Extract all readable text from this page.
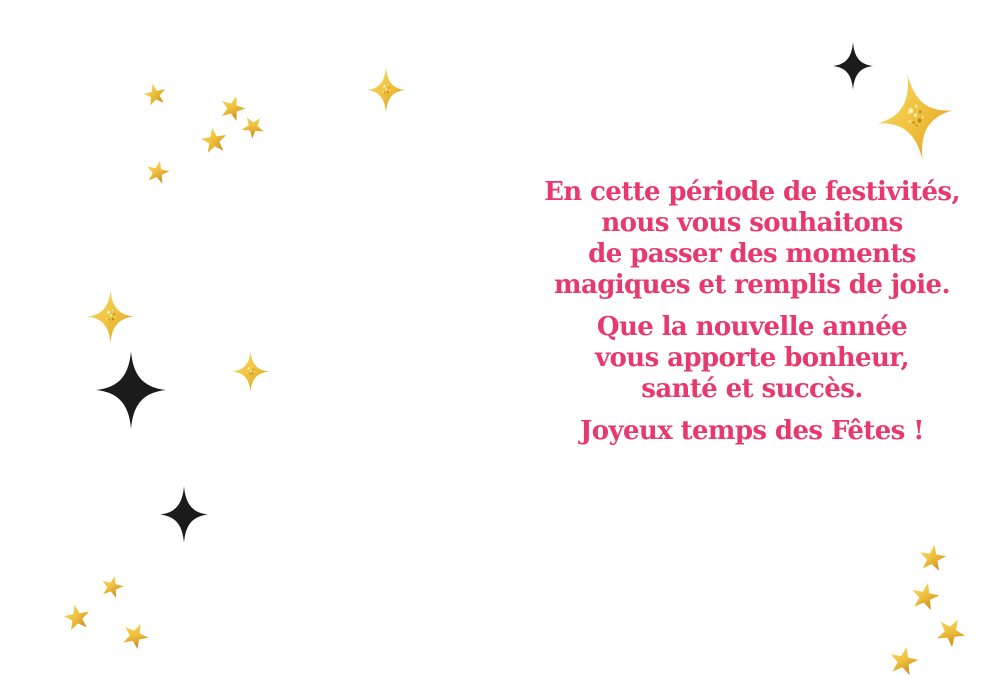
En cette période de festivités,
nous vous souhaitons
de passer des moments
magiques et remplis de joie.

Que la nouvelle année
vous apporte bonheur,
santé et succès.

Joyeux temps des Fêtes !
